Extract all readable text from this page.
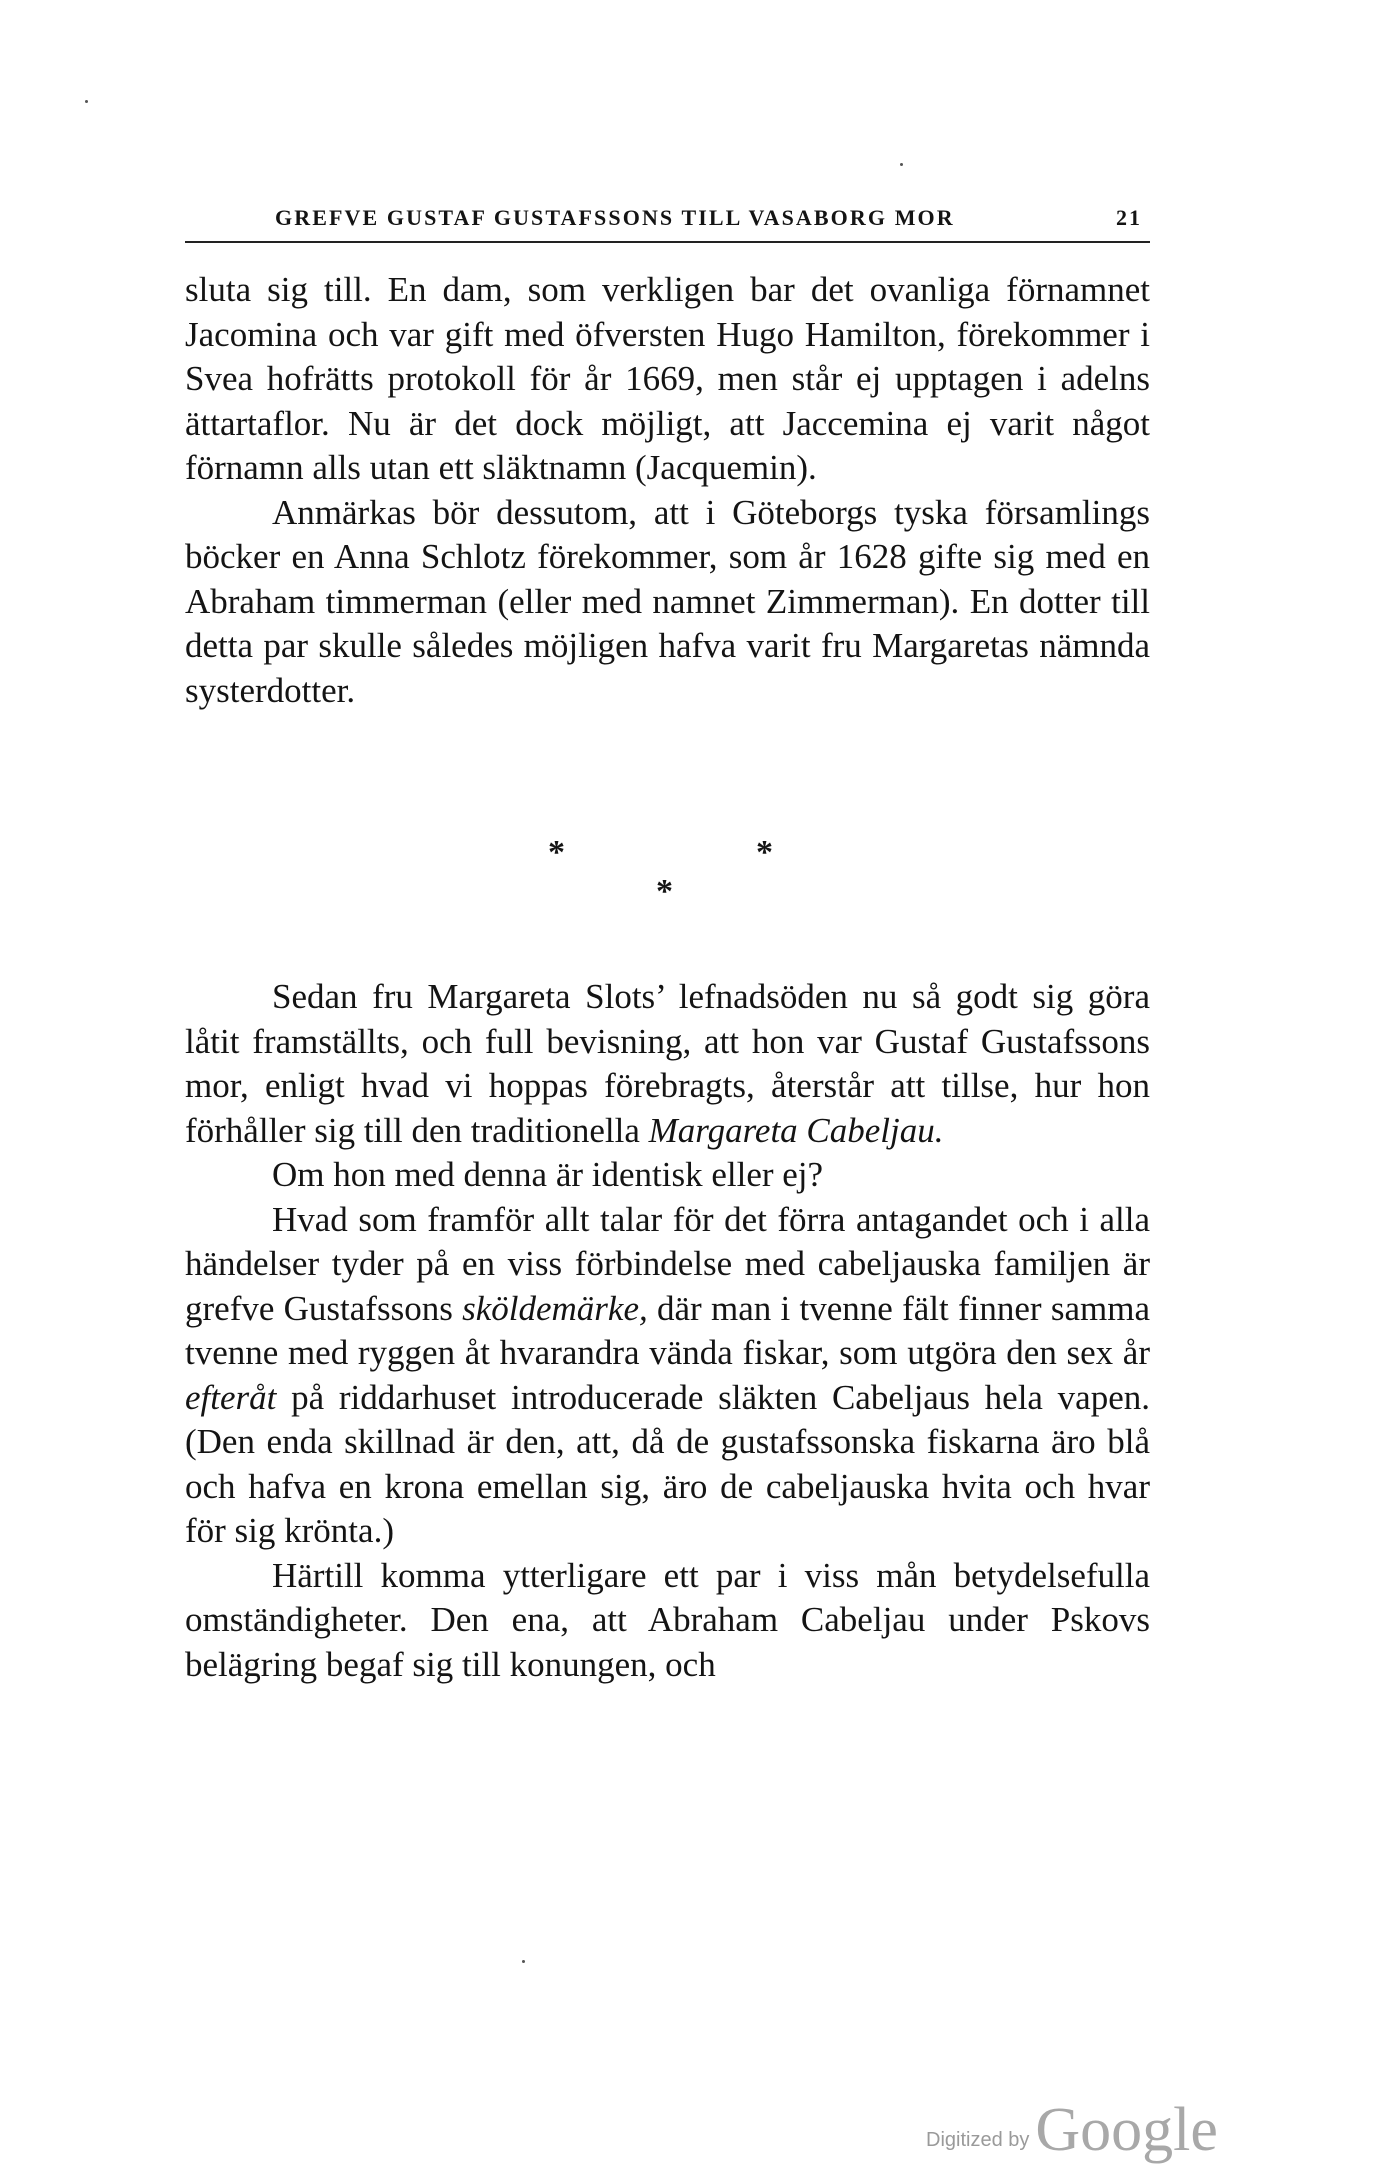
GREFVE GUSTAF GUSTAFSSONS TILL VASABORG MOR	21

sluta sig till. En dam, som verkligen bar det ovanliga förnamnet Jacomina och var gift med öfversten Hugo Hamilton, förekommer i Svea hofrätts protokoll för år 1669, men står ej upptagen i adelns ättartaflor. Nu är det dock möjligt, att Jaccemina ej varit något förnamn alls utan ett släktnamn (Jacquemin).

Anmärkas bör dessutom, att i Göteborgs tyska församlings böcker en Anna Schlotz förekommer, som år 1628 gifte sig med en Abraham timmerman (eller med namnet Zimmerman). En dotter till detta par skulle således möjligen hafva varit fru Margaretas nämnda systerdotter.

*	*
*

Sedan fru Margareta Slots’ lefnadsöden nu så godt sig göra låtit framställts, och full bevisning, att hon var Gustaf Gustafssons mor, enligt hvad vi hoppas förebragts, återstår att tillse, hur hon förhåller sig till den traditionella Margareta Cabeljau.

Om hon med denna är identisk eller ej?

Hvad som framför allt talar för det förra antagandet och i alla händelser tyder på en viss förbindelse med cabeljauska familjen är grefve Gustafssons sköldemärke, där man i tvenne fält finner samma tvenne med ryggen åt hvarandra vända fiskar, som utgöra den sex år efteråt på riddarhuset introducerade släkten Cabeljaus hela vapen. (Den enda skillnad är den, att, då de gustafssonska fiskarna äro blå och hafva en krona emellan sig, äro de cabeljauska hvita och hvar för sig krönta.)

Härtill komma ytterligare ett par i viss mån betydelsefulla omständigheter. Den ena, att Abraham Cabeljau under Pskovs belägring begaf sig till konungen, och

Digitized by Google
